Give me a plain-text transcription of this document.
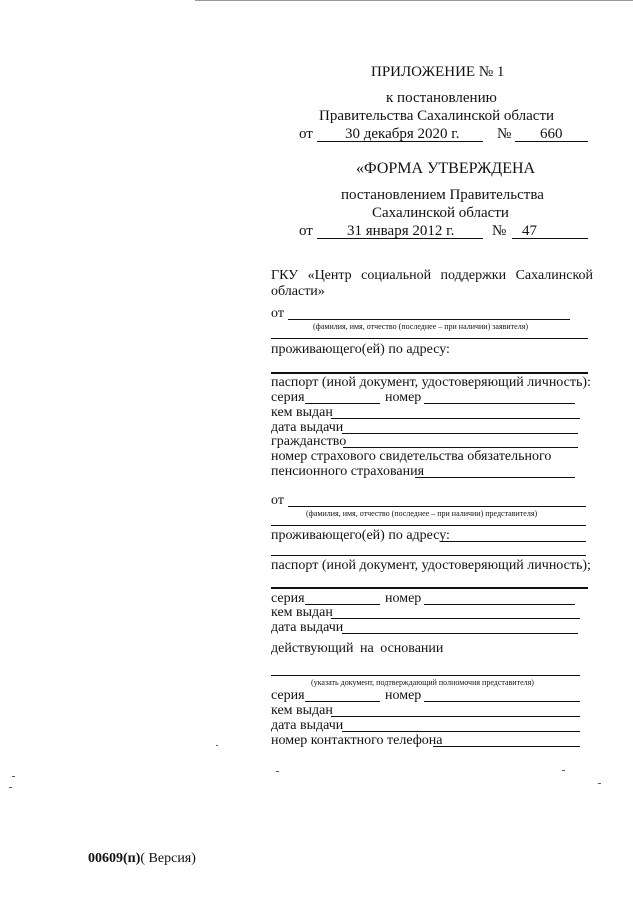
ПРИЛОЖЕНИЕ № 1
к постановлению
Правительства Сахалинской области
от 30 декабря 2020 г.	№ 660
«ФОРМА УТВЕРЖДЕНА
постановлением Правительства
Сахалинской области
от 31 января 2012 г.	№ 47
ГКУ «Центр социальной поддержки Сахалинской
области»
от
(фамилия, имя, отчество (последнее – при наличии) заявителя)
проживающего(ей) по адресу:
паспорт (иной документ, удостоверяющий личность):
серия	номер
кем выдан
дата выдачи
гражданство
номер страхового свидетельства обязательного
пенсионного страхования
от
(фамилия, имя, отчество (последнее – при наличии) представителя)
проживающего(ей) по адресу:
паспорт (иной документ, удостоверяющий личность);
серия	номер
кем выдан
дата выдачи
действующий на основании
(указать документ, подтверждающий полномочия представителя)
серия	номер
кем выдан
дата выдачи
номер контактного телефона
00609(п)( Версия)
